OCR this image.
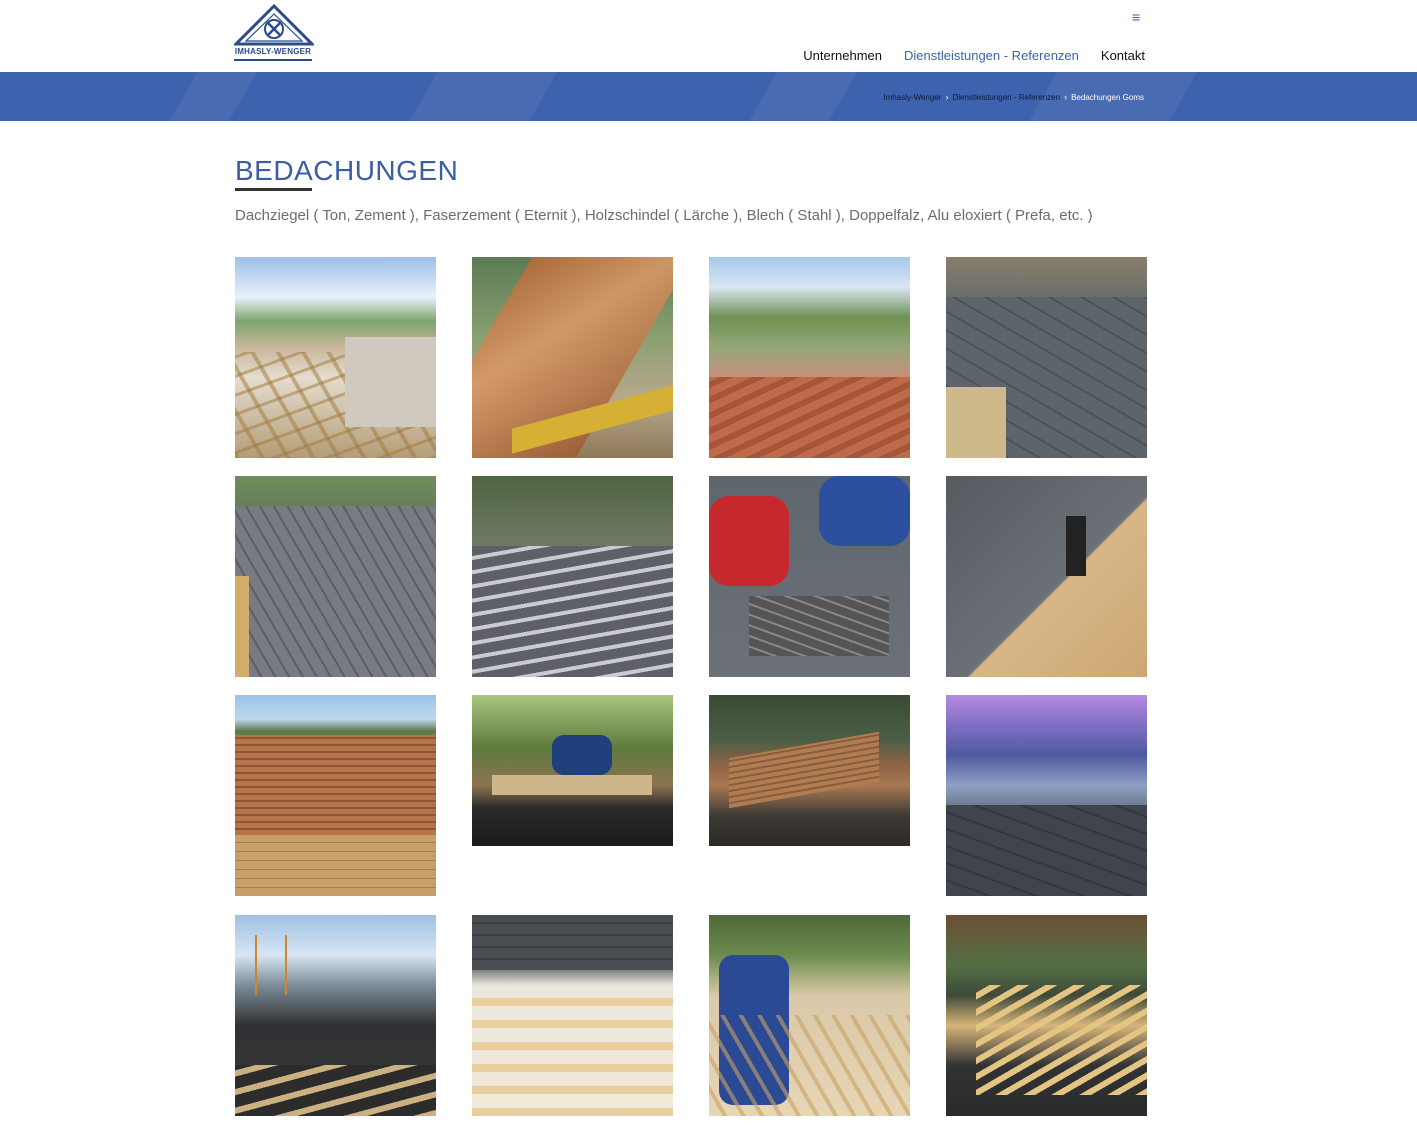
IMHASLY-WENGER
≡
Unternehmen Dienstleistungen - Referenzen Kontakt
Imhasly-Wenger › Dienstleistungen - Referenzen › Bedachungen Goms
BEDACHUNGEN
Dachziegel ( Ton, Zement ), Faserzement ( Eternit ), Holzschindel ( Lärche ), Blech ( Stahl ), Doppelfalz, Alu eloxiert ( Prefa, etc. )
